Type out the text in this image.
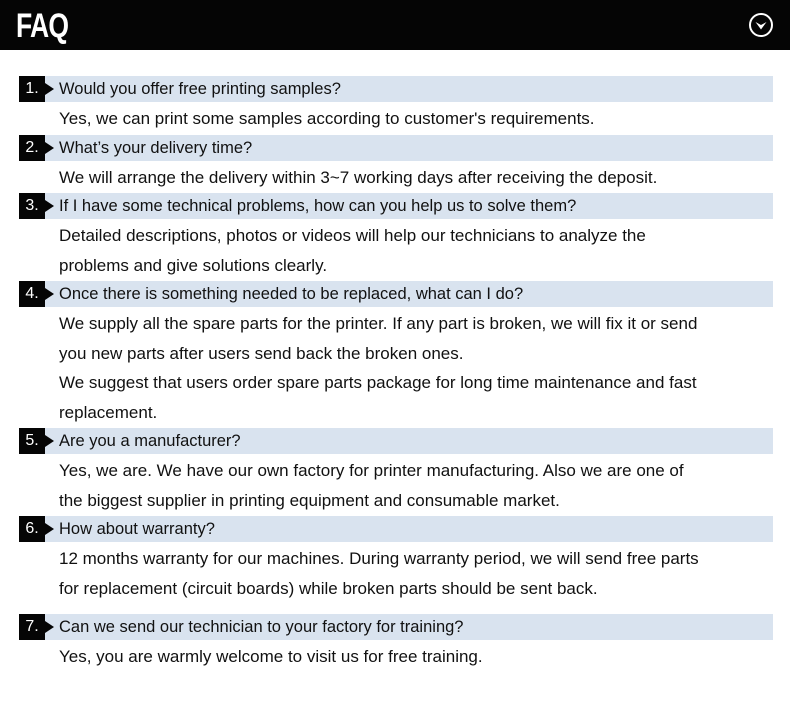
FAQ
1.	Would you offer free printing samples?
Yes, we can print some samples according to customer's requirements.
2.	What’s your delivery time?
We will arrange the delivery within 3~7 working days after receiving the deposit.
3.	If I have some technical problems, how can you help us to solve them?
Detailed descriptions, photos or videos will help our technicians to analyze the
problems and give solutions clearly.
4.	Once there is something needed to be replaced, what can I do?
We supply all the spare parts for the printer. If any part is broken, we will fix it or send
you new parts after users send back the broken ones.
We suggest that users order spare parts package for long time maintenance and fast
replacement.
5.	Are you a manufacturer?
Yes, we are. We have our own factory for printer manufacturing. Also we are one of
the biggest supplier in printing equipment and consumable market.
6.	How about warranty?
12 months warranty for our machines. During warranty period, we will send free parts
for replacement (circuit boards) while broken parts should be sent back.
7.	Can we send our technician to your factory for training?
Yes, you are warmly welcome to visit us for free training.
